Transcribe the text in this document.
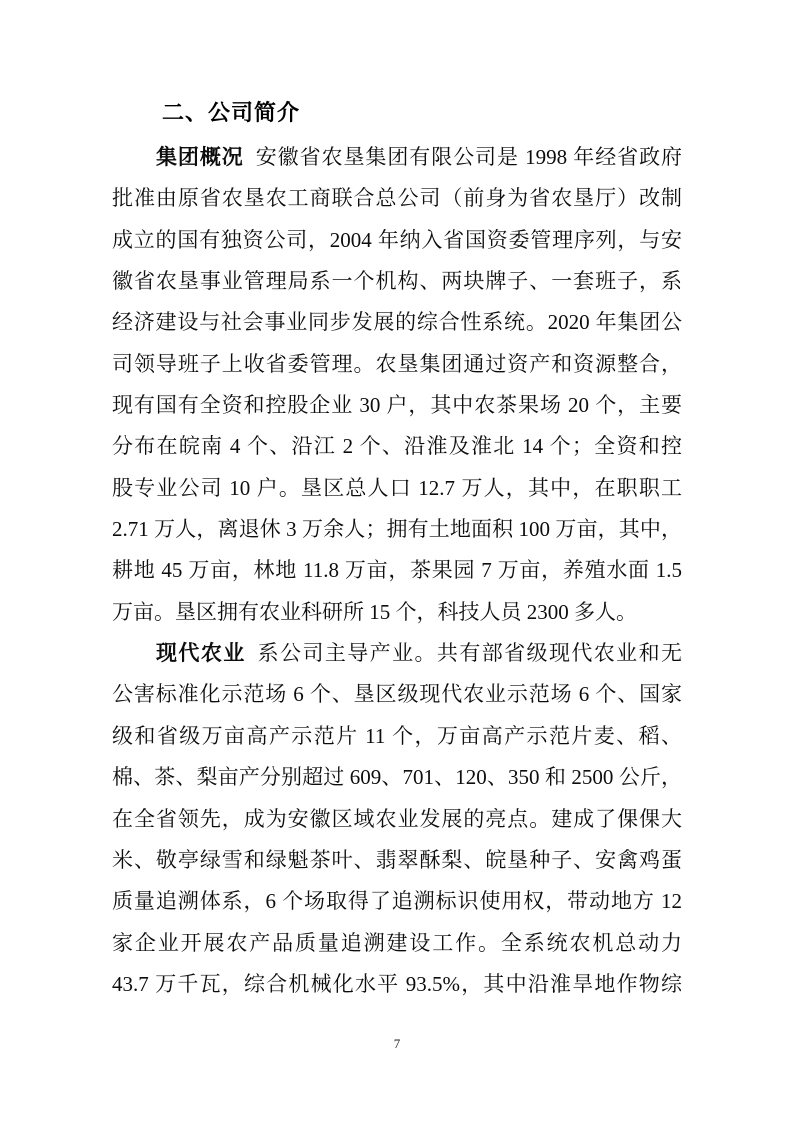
二、公司简介
集团概况 安徽省农垦集团有限公司是 1998 年经省政府
批准由原省农垦农工商联合总公司（前身为省农垦厅）改制
成立的国有独资公司，2004 年纳入省国资委管理序列，与安
徽省农垦事业管理局系一个机构、两块牌子、一套班子，系
经济建设与社会事业同步发展的综合性系统。2020 年集团公
司领导班子上收省委管理。农垦集团通过资产和资源整合，
现有国有全资和控股企业 30 户，其中农茶果场 20 个，主要
分布在皖南 4 个、沿江 2 个、沿淮及淮北 14 个；全资和控
股专业公司 10 户。垦区总人口 12.7 万人，其中，在职职工
2.71 万人，离退休 3 万余人；拥有土地面积 100 万亩，其中，
耕地 45 万亩，林地 11.8 万亩，茶果园 7 万亩，养殖水面 1.5
万亩。垦区拥有农业科研所 15 个，科技人员 2300 多人。
现代农业 系公司主导产业。共有部省级现代农业和无
公害标准化示范场 6 个、垦区级现代农业示范场 6 个、国家
级和省级万亩高产示范片 11 个，万亩高产示范片麦、稻、
棉、茶、梨亩产分别超过 609、701、120、350 和 2500 公斤，
在全省领先，成为安徽区域农业发展的亮点。建成了倮倮大
米、敬亭绿雪和绿魁茶叶、翡翠酥梨、皖垦种子、安禽鸡蛋
质量追溯体系，6 个场取得了追溯标识使用权，带动地方 12
家企业开展农产品质量追溯建设工作。全系统农机总动力
43.7 万千瓦，综合机械化水平 93.5%，其中沿淮旱地作物综
7
